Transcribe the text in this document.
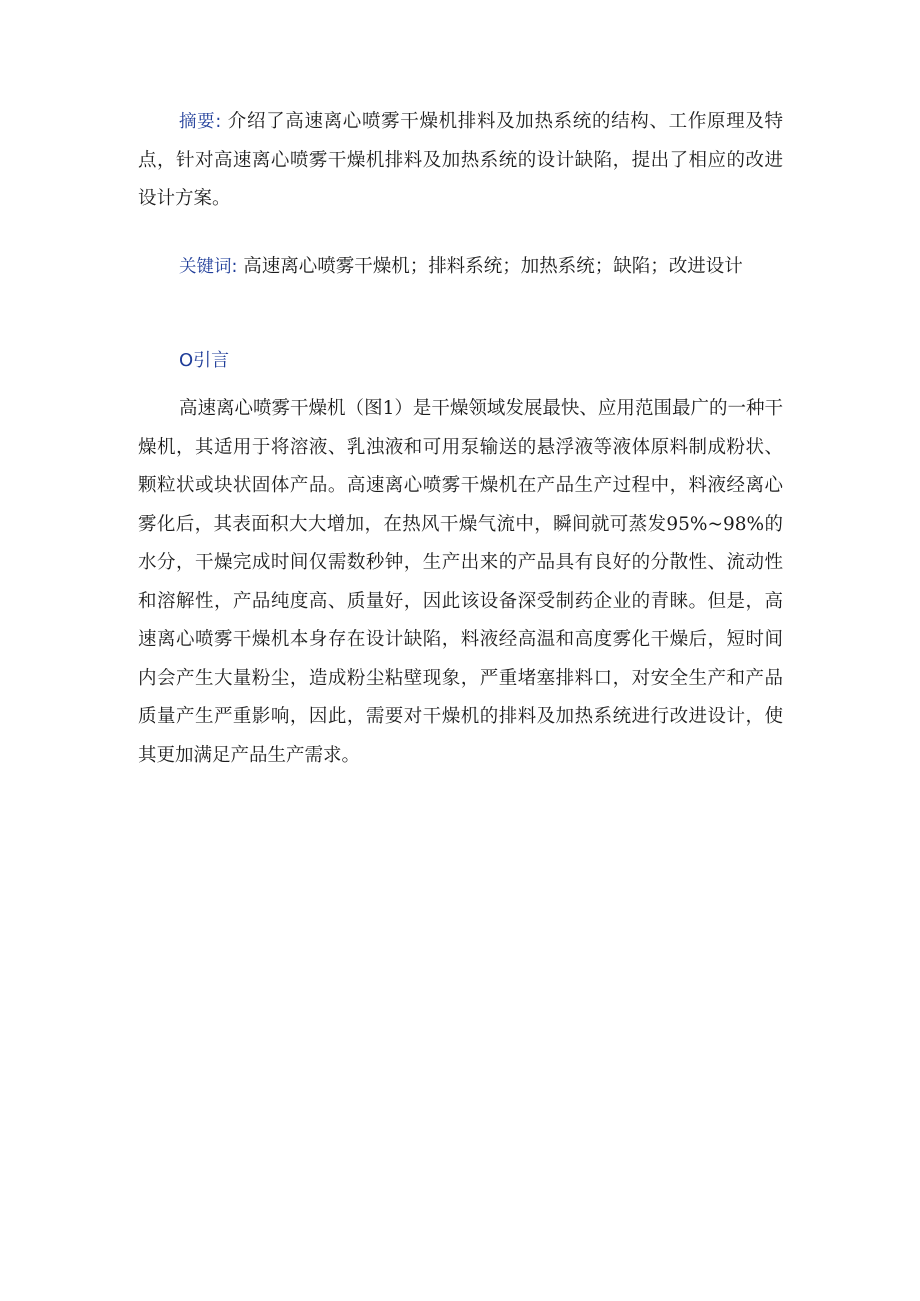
摘要: 介绍了高速离心喷雾干燥机排料及加热系统的结构、工作原理及特点，针对高速离心喷雾干燥机排料及加热系统的设计缺陷，提出了相应的改进设计方案。

关键词: 高速离心喷雾干燥机；排料系统；加热系统；缺陷；改进设计

O引言

高速离心喷雾干燥机（图1）是干燥领域发展最快、应用范围最广的一种干燥机，其适用于将溶液、乳浊液和可用泵输送的悬浮液等液体原料制成粉状、颗粒状或块状固体产品。高速离心喷雾干燥机在产品生产过程中，料液经离心雾化后，其表面积大大增加，在热风干燥气流中，瞬间就可蒸发95%~98%的水分，干燥完成时间仅需数秒钟，生产出来的产品具有良好的分散性、流动性和溶解性，产品纯度高、质量好，因此该设备深受制药企业的青睐。但是，高速离心喷雾干燥机本身存在设计缺陷，料液经高温和高度雾化干燥后，短时间内会产生大量粉尘，造成粉尘粘壁现象，严重堵塞排料口，对安全生产和产品质量产生严重影响，因此，需要对干燥机的排料及加热系统进行改进设计，使其更加满足产品生产需求。
